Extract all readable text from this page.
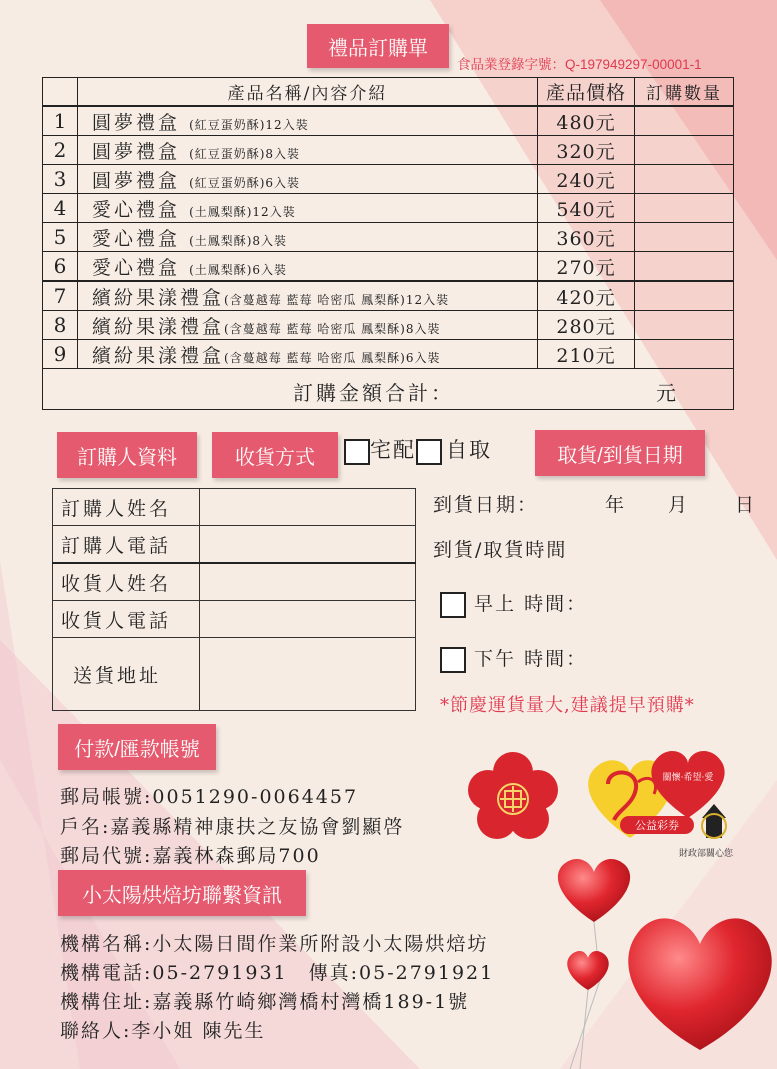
禮品訂購單
食品業登錄字號：Q-197949297-00001-1
	產品名稱/內容介紹	產品價格	訂購數量
1	圓夢禮盒 (紅豆蛋奶酥)12入裝	480元	
2	圓夢禮盒 (紅豆蛋奶酥)8入裝	320元	
3	圓夢禮盒 (紅豆蛋奶酥)6入裝	240元	
4	愛心禮盒 (土鳳梨酥)12入裝	540元	
5	愛心禮盒 (土鳳梨酥)8入裝	360元	
6	愛心禮盒 (土鳳梨酥)6入裝	270元	
7	繽紛果漾禮盒(含蔓越莓 藍莓 哈密瓜 鳳梨酥)12入裝	420元	
8	繽紛果漾禮盒(含蔓越莓 藍莓 哈密瓜 鳳梨酥)8入裝	280元	
9	繽紛果漾禮盒(含蔓越莓 藍莓 哈密瓜 鳳梨酥)6入裝	210元	

訂購金額合計： 元			
訂購人資料	收貨方式	宅配 自取	取貨/到貨日期
訂購人姓名	
訂購人電話	
收貨人姓名	
收貨人電話	
送貨地址	
到貨日期：	年 月 日
到貨/取貨時間
早上 時間：
下午 時間：
*節慶運貨量大,建議提早預購*
付款/匯款帳號
郵局帳號:0051290-0064457
戶名:嘉義縣精神康扶之友協會劉顯啓
郵局代號:嘉義林森郵局700
小太陽烘焙坊聯繫資訊
機構名稱:小太陽日間作業所附設小太陽烘焙坊
機構電話:05-2791931　傳真:05-2791921
機構住址:嘉義縣竹崎鄉灣橋村灣橋189-1號
聯絡人:李小姐 陳先生
關懷‧希望‧愛
公益彩券
財政部關心您
